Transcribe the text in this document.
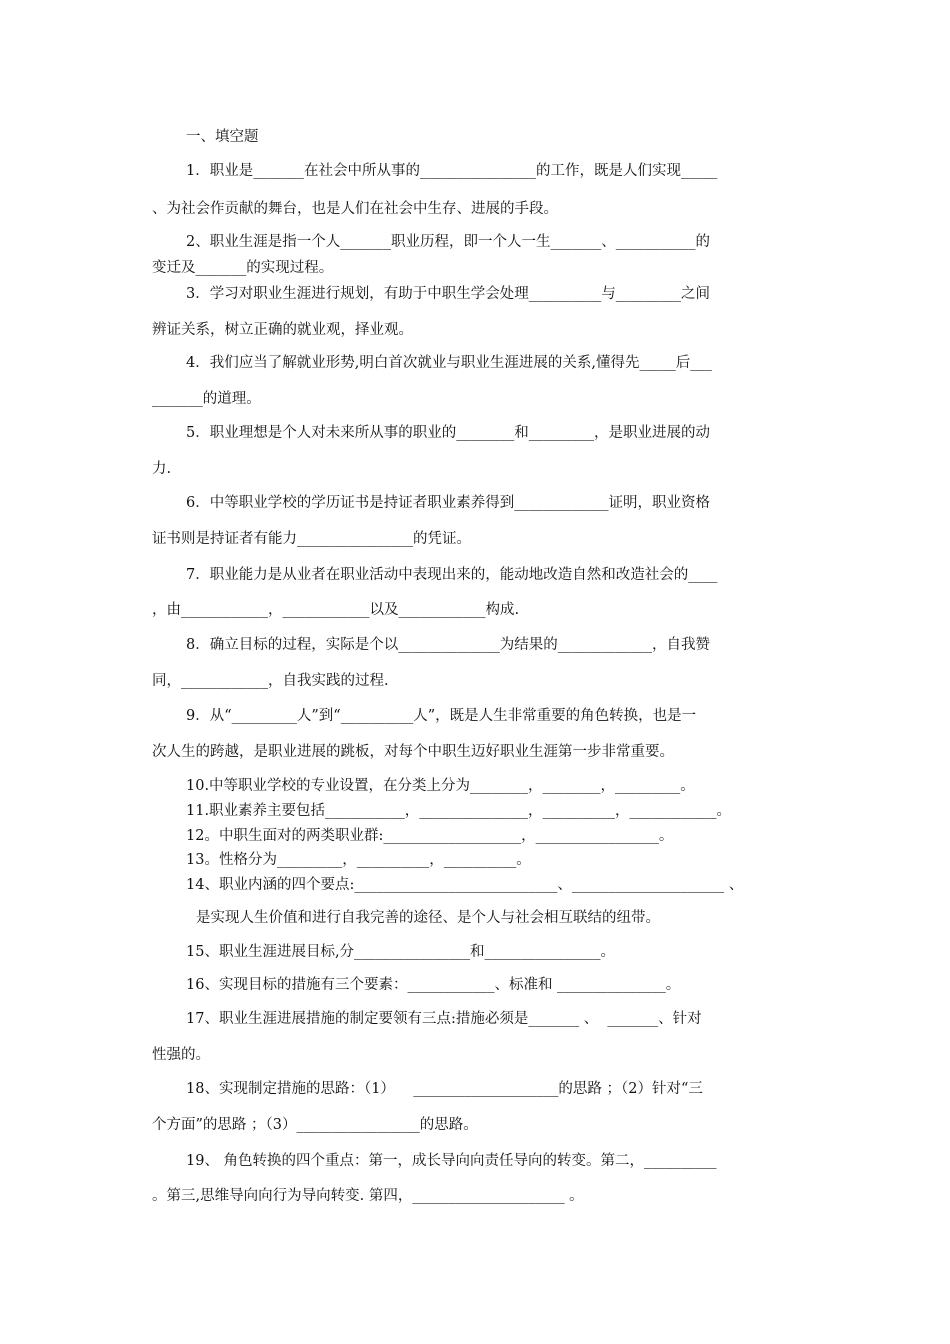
一、填空题
1．职业是_______在社会中所从事的________________的工作，既是人们实现_____
、为社会作贡献的舞台，也是人们在社会中生存、进展的手段。
2、职业生涯是指一个人_______职业历程，即一个人一生_______、___________的
变迁及_______的实现过程。
3．学习对职业生涯进行规划，有助于中职生学会处理__________与_________之间
辨证关系，树立正确的就业观，择业观。
4．我们应当了解就业形势,明白首次就业与职业生涯进展的关系,懂得先_____后___
_______的道理。
5．职业理想是个人对未来所从事的职业的________和_________，是职业进展的动
力.
6．中等职业学校的学历证书是持证者职业素养得到_____________证明，职业资格
证书则是持证者有能力________________的凭证。
7．职业能力是从业者在职业活动中表现出来的，能动地改造自然和改造社会的____
，由____________，____________以及____________构成.
8．确立目标的过程，实际是个以______________为结果的_____________，自我赞
同，____________，自我实践的过程.
9．从“_________人”到“__________人”，既是人生非常重要的角色转换，也是一
次人生的跨越，是职业进展的跳板，对每个中职生迈好职业生涯第一步非常重要。
10.中等职业学校的专业设置，在分类上分为________，________，_________。
11.职业素养主要包括___________，_______________，__________，____________。
12。中职生面对的两类职业群:___________________，_________________。
13。性格分为_________，__________，__________。
14、职业内涵的四个要点:____________________________、_____________________ 、
是实现人生价值和进行自我完善的途径、是个人与社会相互联结的纽带。
15、职业生涯进展目标,分________________和________________。
16、实现目标的措施有三个要素：____________、标准和 _______________。
17、职业生涯进展措施的制定要领有三点:措施必须是_______ 、  _______、针对
性强的。
18、实现制定措施的思路：（1）    ____________________的思路 ；（2）针对“三
个方面”的思路 ；（3）_________________的思路。
19、 角色转换的四个重点：第一，成长导向向责任导向的转变。第二，__________
。第三,思维导向向行为导向转变. 第四，_____________________ 。
